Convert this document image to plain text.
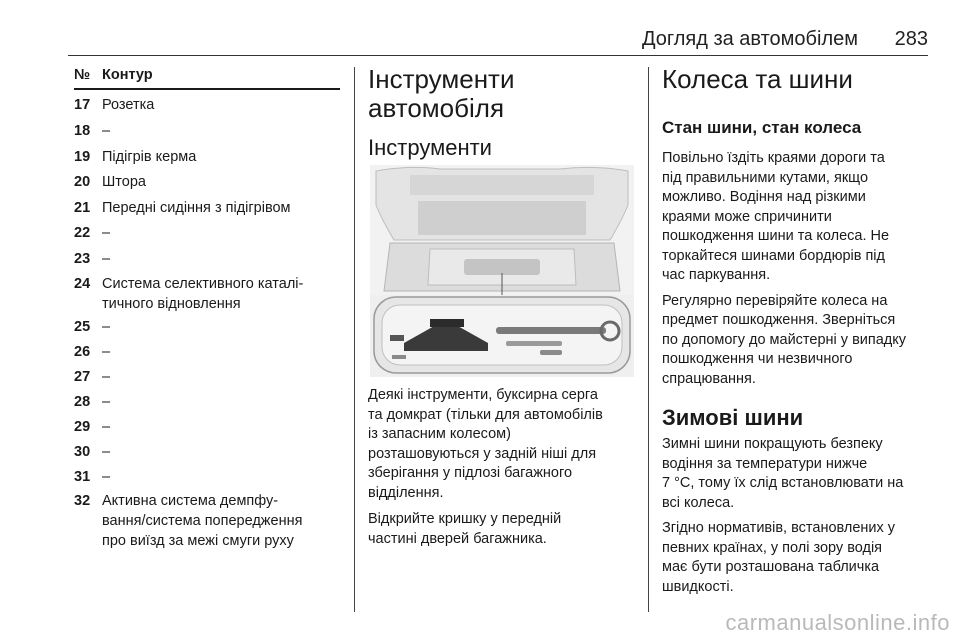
Догляд за автомобілем 283
№ Контур
17 Розетка
18 –
19 Підігрів керма
20 Штора
21 Передні сидіння з підігрівом
22 –
23 –
24 Система селективного каталі-
тичного відновлення
25 –
26 –
27 –
28 –
29 –
30 –
31 –
32 Активна система демпфу-
вання/система попередження
про виїзд за межі смуги руху
Інструменти
автомобіля
Інструменти

Деякі інструменти, буксирна серга
та домкрат (тільки для автомобілів
із запасним колесом)
розташовуються у задній ніші для
зберігання у підлозі багажного
відділення.

Відкрийте кришку у передній
частині дверей багажника.

Колеса та шини
Стан шини, стан колеса

Повільно їздіть краями дороги та
під правильними кутами, якщо
можливо. Водіння над різкими
краями може спричинити
пошкодження шини та колеса. Не
торкайтеся шинами бордюрів під
час паркування.

Регулярно перевіряйте колеса на
предмет пошкодження. Зверніться
по допомогу до майстерні у випадку
пошкодження чи незвичного
спрацювання.

Зимові шини

Зимні шини покращують безпеку
водіння за температури нижче
7 °C, тому їх слід встановлювати на
всі колеса.

Згідно нормативів, встановлених у
певних країнах, у полі зору водія
має бути розташована табличка
швидкості.

carmanualsonline.info
